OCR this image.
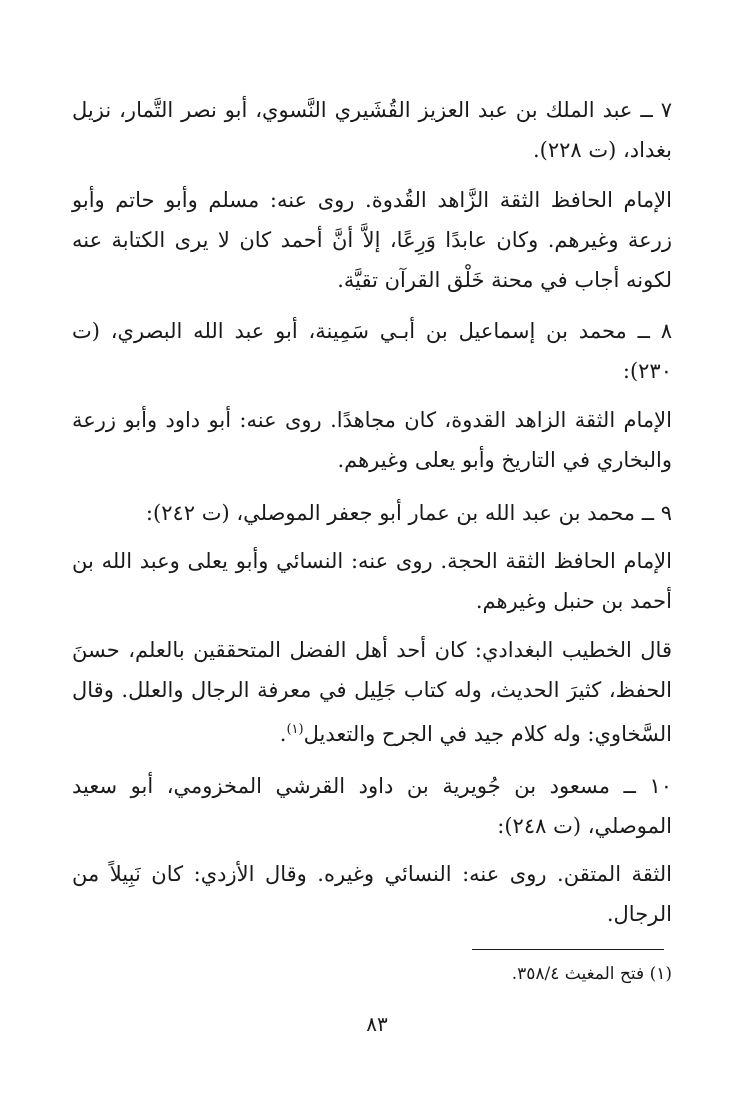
٧ ــ عبد الملك بن عبد العزيز القُشَيري النَّسوي، أبو نصر التَّمار، نزيل بغداد، (ت ٢٢٨).

الإمام الحافظ الثقة الزَّاهد القُدوة. روى عنه: مسلم وأبو حاتم وأبو زرعة وغيرهم. وكان عابدًا وَرِعًا، إلاَّ أنَّ أحمد كان لا يرى الكتابة عنه لكونه أجاب في محنة خَلْق القرآن تقيَّة.

٨ ــ محمد بن إسماعيل بن أبـي سَمِينة، أبو عبد الله البصري، (ت ٢٣٠):

الإمام الثقة الزاهد القدوة، كان مجاهدًا. روى عنه: أبو داود وأبو زرعة والبخاري في التاريخ وأبو يعلى وغيرهم.

٩ ــ محمد بن عبد الله بن عمار أبو جعفر الموصلي، (ت ٢٤٢):

الإمام الحافظ الثقة الحجة. روى عنه: النسائي وأبو يعلى وعبد الله بن أحمد بن حنبل وغيرهم.

قال الخطيب البغدادي: كان أحد أهل الفضل المتحققين بالعلم، حسنَ الحفظ، كثيرَ الحديث، وله كتاب جَلِيل في معرفة الرجال والعلل. وقال السَّخاوي: وله كلام جيد في الجرح والتعديل$^{(١)}$.

١٠ ــ مسعود بن جُويرية بن داود القرشي المخزومي، أبو سعيد الموصلي، (ت ٢٤٨):

الثقة المتقن. روى عنه: النسائي وغيره. وقال الأزدي: كان نَبِيلاً من الرجال.

(١) فتح المغيث ٣٥٨/٤.

٨٣
